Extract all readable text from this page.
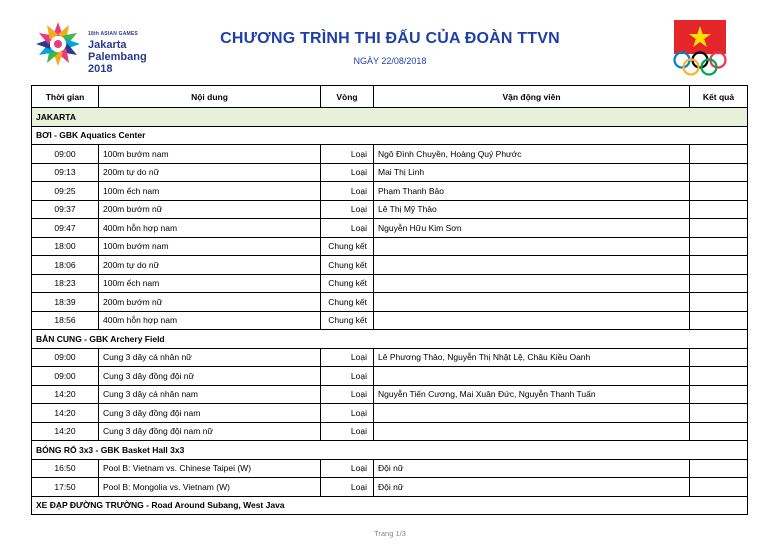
18th ASIAN GAMES
Jakarta
Palembang
2018
CHƯƠNG TRÌNH THI ĐẤU CỦA ĐOÀN TTVN
NGÀY 22/08/2018
Thời gian	Nội dung	Vòng	Vận động viên	Kết quả
JAKARTA				
BƠI - GBK Aquatics Center				
09:00	100m bướm nam	Loại	Ngô Đình Chuyền, Hoàng Quý Phước	
09:13	200m tự do nữ	Loại	Mai Thị Linh	
09:25	100m ếch nam	Loại	Phạm Thanh Bảo	
09:37	200m bướm nữ	Loại	Lê Thị Mỹ Thảo	
09:47	400m hỗn hợp nam	Loại	Nguyễn Hữu Kim Sơn	
18:00	100m bướm nam	Chung kết		
18:06	200m tự do nữ	Chung kết		
18:23	100m ếch nam	Chung kết		
18:39	200m bướm nữ	Chung kết		
18:56	400m hỗn hợp nam	Chung kết		
BẮN CUNG - GBK Archery Field				
09:00	Cung 3 dây cá nhân nữ	Loại	Lê Phương Thảo, Nguyễn Thị Nhật Lệ, Châu Kiều Oanh	
09:00	Cung 3 dây đồng đội nữ	Loại		
14:20	Cung 3 dây cá nhân nam	Loại	Nguyễn Tiến Cương, Mai Xuân Đức, Nguyễn Thanh Tuấn	
14:20	Cung 3 dây đồng đội nam	Loại		
14:20	Cung 3 dây đồng đội nam nữ	Loại		
BÓNG RỔ 3x3 - GBK Basket Hall 3x3				
16:50	Pool B: Vietnam vs. Chinese Taipei (W)	Loại	Đội nữ	
17:50	Pool B: Mongolia vs. Vietnam (W)	Loại	Đội nữ	
XE ĐẠP ĐƯỜNG TRƯỜNG - Road Around Subang, West Java				
Trang 1/3
